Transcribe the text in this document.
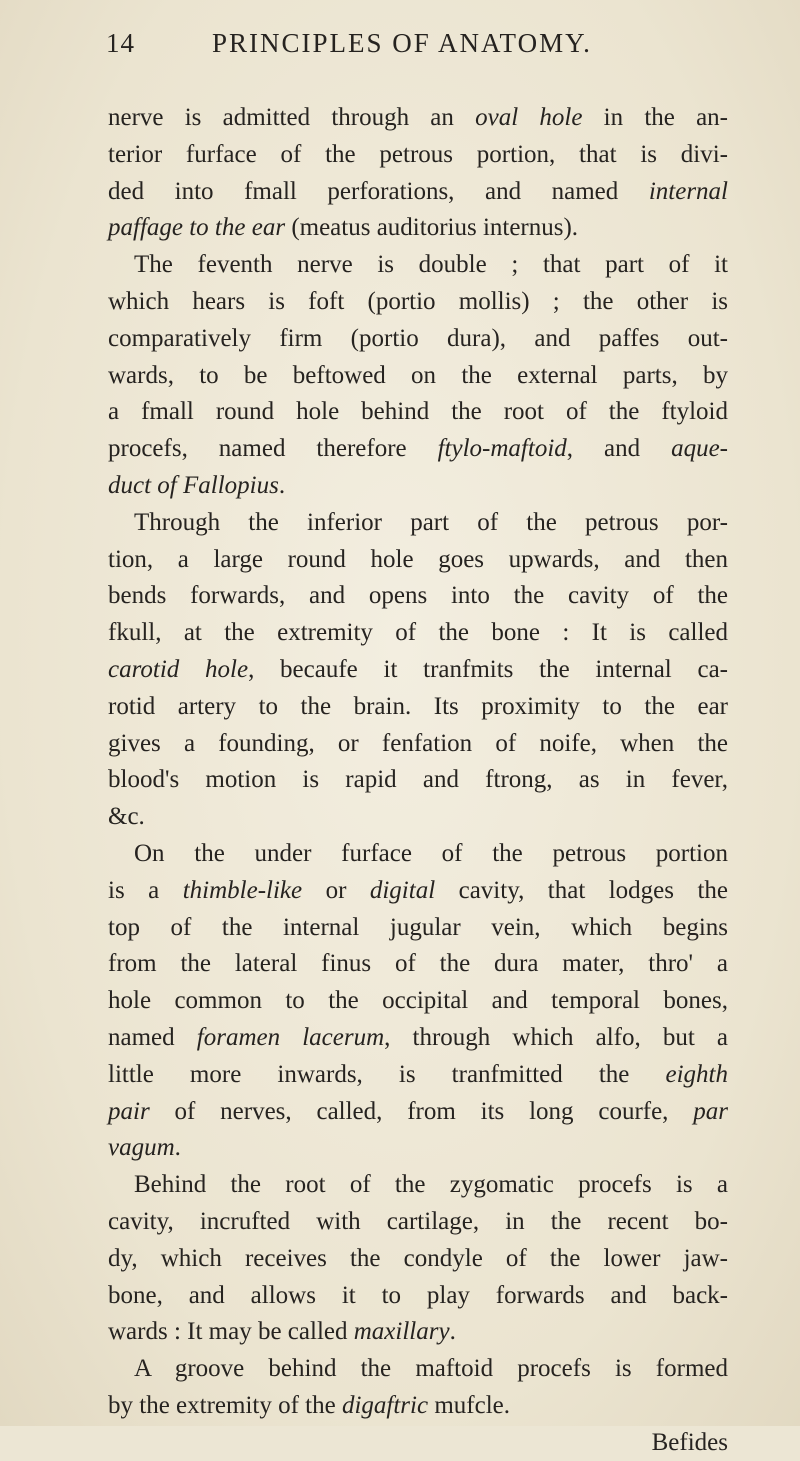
14	PRINCIPLES OF ANATOMY.
nerve is admitted through an oval hole in the an-
terior furface of the petrous portion, that is divi-
ded into fmall perforations, and named internal
paffage to the ear (meatus auditorius internus).
The feventh nerve is double ; that part of it
which hears is foft (portio mollis) ; the other is
comparatively firm (portio dura), and paffes out-
wards, to be beftowed on the external parts, by
a fmall round hole behind the root of the ftyloid
procefs, named therefore ftylo-maftoid, and aque-
duct of Fallopius.
Through the inferior part of the petrous por-
tion, a large round hole goes upwards, and then
bends forwards, and opens into the cavity of the
fkull, at the extremity of the bone : It is called
carotid hole, becaufe it tranfmits the internal ca-
rotid artery to the brain. Its proximity to the ear
gives a founding, or fenfation of noife, when the
blood's motion is rapid and ftrong, as in fever,
&c.
On the under furface of the petrous portion
is a thimble-like or digital cavity, that lodges the
top of the internal jugular vein, which begins
from the lateral finus of the dura mater, thro' a
hole common to the occipital and temporal bones,
named foramen lacerum, through which alfo, but a
little more inwards, is tranfmitted the eighth
pair of nerves, called, from its long courfe, par
vagum.
Behind the root of the zygomatic procefs is a
cavity, incrufted with cartilage, in the recent bo-
dy, which receives the condyle of the lower jaw-
bone, and allows it to play forwards and back-
wards : It may be called maxillary.
A groove behind the maftoid procefs is formed
by the extremity of the digaftric mufcle.
Befides
